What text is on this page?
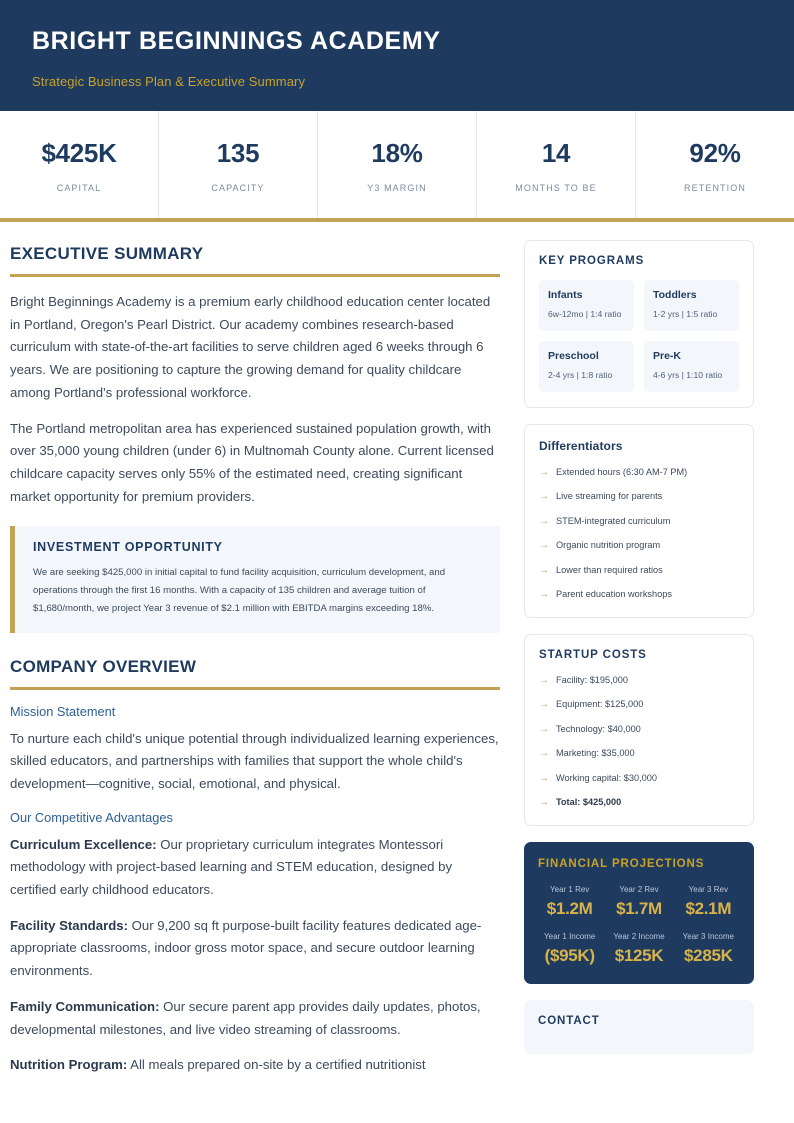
BRIGHT BEGINNINGS ACADEMY
Strategic Business Plan & Executive Summary
$425K
CAPITAL
135
CAPACITY
18%
Y3 MARGIN
14
MONTHS TO BE
92%
RETENTION
EXECUTIVE SUMMARY

Bright Beginnings Academy is a premium early childhood education center located in Portland, Oregon's Pearl District. Our academy combines research-based curriculum with state-of-the-art facilities to serve children aged 6 weeks through 6 years. We are positioning to capture the growing demand for quality childcare among Portland's professional workforce.

The Portland metropolitan area has experienced sustained population growth, with over 35,000 young children (under 6) in Multnomah County alone. Current licensed childcare capacity serves only 55% of the estimated need, creating significant market opportunity for premium providers.

INVESTMENT OPPORTUNITY
We are seeking $425,000 in initial capital to fund facility acquisition, curriculum development, and operations through the first 16 months. With a capacity of 135 children and average tuition of $1,680/month, we project Year 3 revenue of $2.1 million with EBITDA margins exceeding 18%.
COMPANY OVERVIEW
Mission Statement

To nurture each child's unique potential through individualized learning experiences, skilled educators, and partnerships with families that support the whole child's development—cognitive, social, emotional, and physical.

Our Competitive Advantages

Curriculum Excellence: Our proprietary curriculum integrates Montessori methodology with project-based learning and STEM education, designed by certified early childhood educators.

Facility Standards: Our 9,200 sq ft purpose-built facility features dedicated age-appropriate classrooms, indoor gross motor space, and secure outdoor learning environments.

Family Communication: Our secure parent app provides daily updates, photos, developmental milestones, and live video streaming of classrooms.

Nutrition Program: All meals prepared on-site by a certified nutritionist

KEY PROGRAMS
Infants
6w-12mo | 1:4 ratio
Toddlers
1-2 yrs | 1:5 ratio
Preschool
2-4 yrs | 1:8 ratio
Pre-K
4-6 yrs | 1:10 ratio
Differentiators
→ Extended hours (6:30 AM-7 PM)
→ Live streaming for parents
→ STEM-integrated curriculum
→ Organic nutrition program
→ Lower than required ratios
→ Parent education workshops
STARTUP COSTS
→ Facility: $195,000
→ Equipment: $125,000
→ Technology: $40,000
→ Marketing: $35,000
→ Working capital: $30,000
→ Total: $425,000
FINANCIAL PROJECTIONS
Year 1 Rev
$1.2M
Year 2 Rev
$1.7M
Year 3 Rev
$2.1M
Year 1 Income
($95K)
Year 2 Income
$125K
Year 3 Income
$285K
CONTACT
